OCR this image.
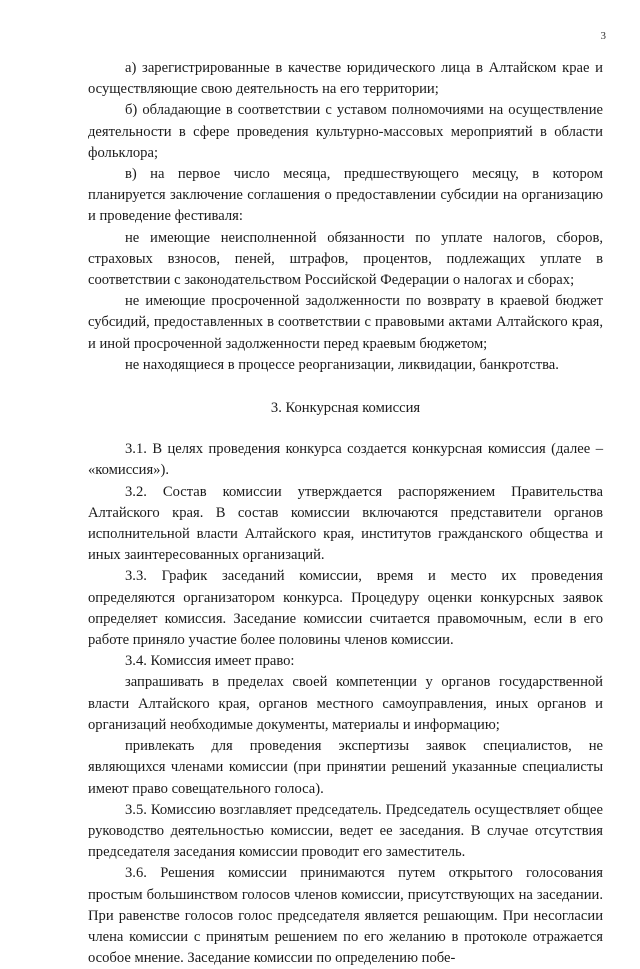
3

а) зарегистрированные в качестве юридического лица в Алтайском крае и осуществляющие свою деятельность на его территории;

б) обладающие в соответствии с уставом полномочиями на осуществление деятельности в сфере проведения культурно-массовых мероприятий в области фольклора;

в) на первое число месяца, предшествующего месяцу, в котором планируется заключение соглашения о предоставлении субсидии на организацию и проведение фестиваля:

не имеющие неисполненной обязанности по уплате налогов, сборов, страховых взносов, пеней, штрафов, процентов, подлежащих уплате в соответствии с законодательством Российской Федерации о налогах и сборах;

не имеющие просроченной задолженности по возврату в краевой бюджет субсидий, предоставленных в соответствии с правовыми актами Алтайского края, и иной просроченной задолженности перед краевым бюджетом;

не находящиеся в процессе реорганизации, ликвидации, банкротства.

3. Конкурсная комиссия

3.1. В целях проведения конкурса создается конкурсная комиссия (далее – «комиссия»).

3.2. Состав комиссии утверждается распоряжением Правительства Алтайского края. В состав комиссии включаются представители органов исполнительной власти Алтайского края, институтов гражданского общества и иных заинтересованных организаций.

3.3. График заседаний комиссии, время и место их проведения определяются организатором конкурса. Процедуру оценки конкурсных заявок определяет комиссия. Заседание комиссии считается правомочным, если в его работе приняло участие более половины членов комиссии.

3.4. Комиссия имеет право:

запрашивать в пределах своей компетенции у органов государственной власти Алтайского края, органов местного самоуправления, иных органов и организаций необходимые документы, материалы и информацию;

привлекать для проведения экспертизы заявок специалистов, не являющихся членами комиссии (при принятии решений указанные специалисты имеют право совещательного голоса).

3.5. Комиссию возглавляет председатель. Председатель осуществляет общее руководство деятельностью комиссии, ведет ее заседания. В случае отсутствия председателя заседания комиссии проводит его заместитель.

3.6. Решения комиссии принимаются путем открытого голосования простым большинством голосов членов комиссии, присутствующих на заседании. При равенстве голосов голос председателя является решающим. При несогласии члена комиссии с принятым решением по его желанию в протоколе отражается особое мнение. Заседание комиссии по определению побе-
